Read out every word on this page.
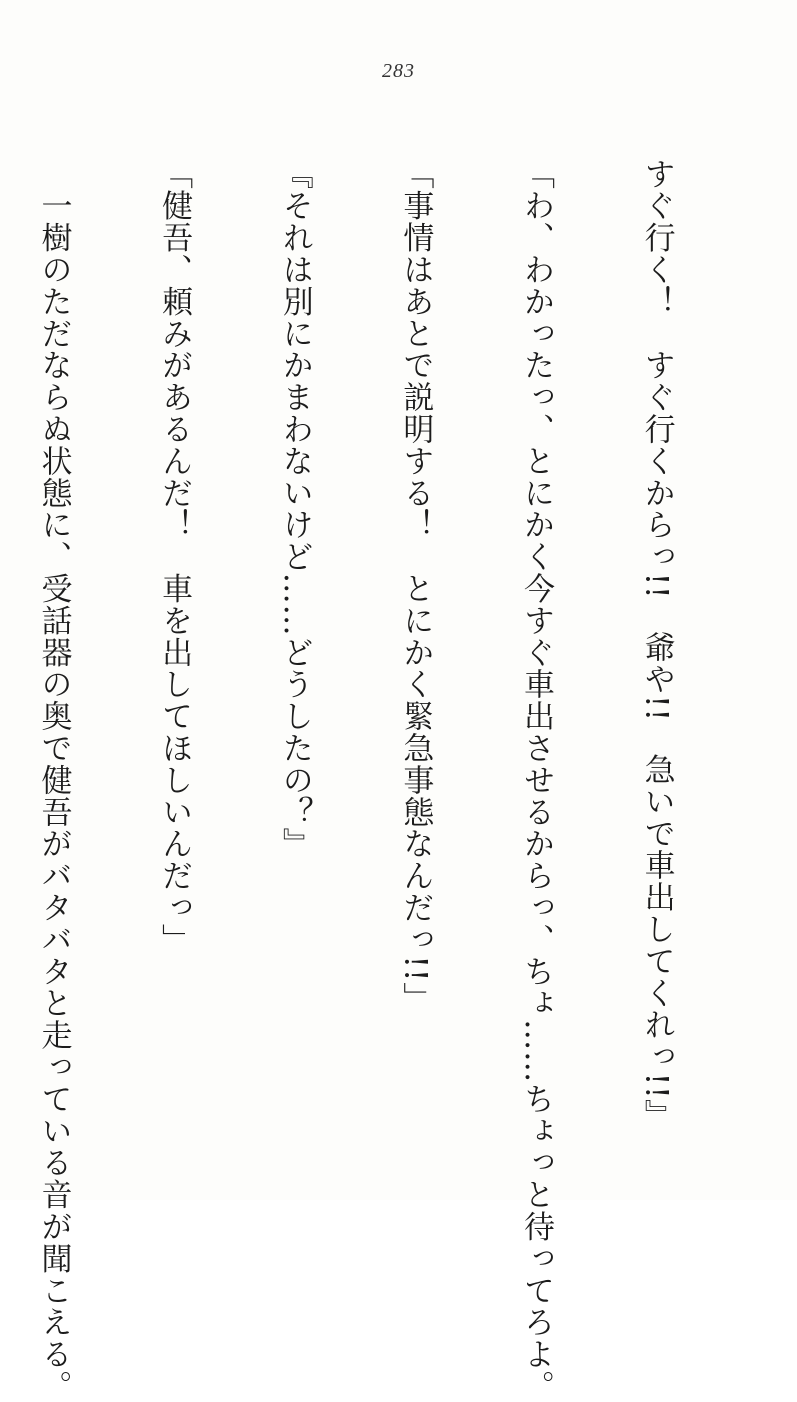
283

すぐ行く！　すぐ行くからっ!!　爺や!!　急いで車出してくれっ!!』

「わ、わかったっ、とにかく今すぐ車出させるからっ、ちょ……ちょっと待ってろよ。

「事情はあとで説明する！　とにかく緊急事態なんだっ!!」

『それは別にかまわないけど……どうしたの？』

「健吾、頼みがあるんだ！　車を出してほしいんだっ」

　一樹のただならぬ状態に、受話器の奥で健吾がバタバタと走っている音が聞こえる。
